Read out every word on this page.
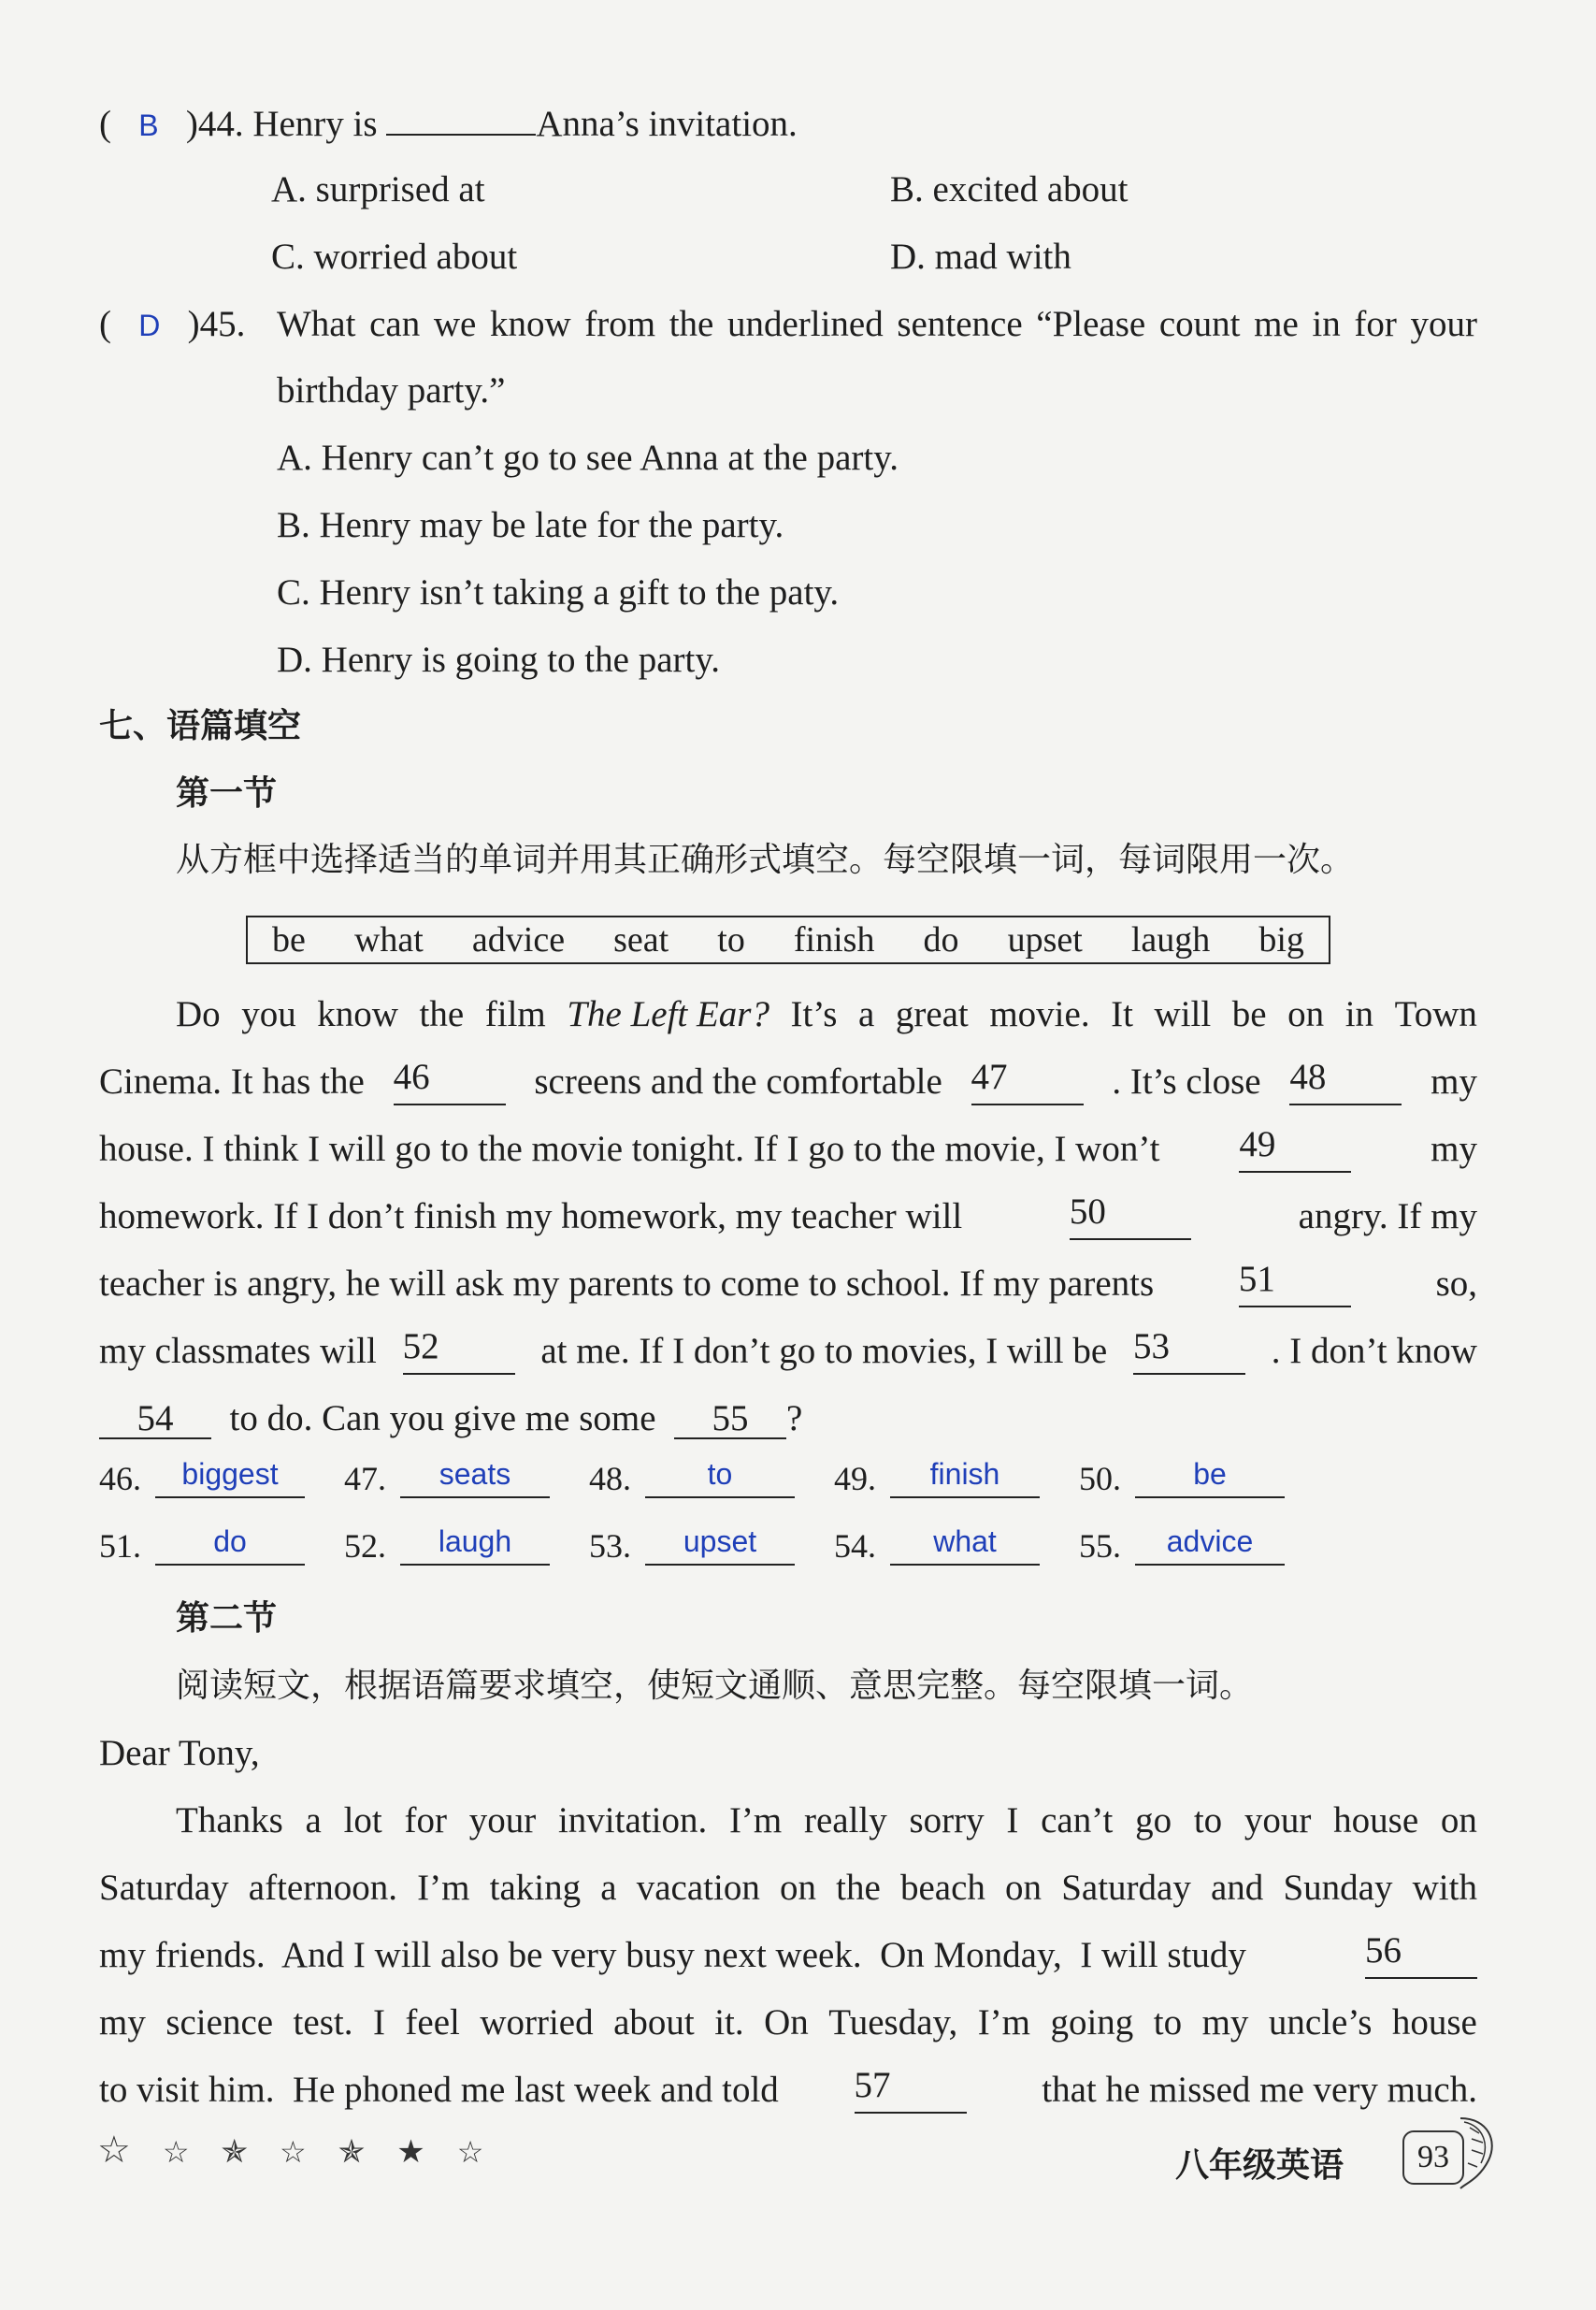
( B )44. Henry is	Anna’s invitation.
A. surprised at	B. excited about
C. worried about	D. mad with
( D )45. What can we know from the underlined sentence “Please count me in for your
birthday party.”
A. Henry can’t go to see Anna at the party.
B. Henry may be late for the party.
C. Henry isn’t taking a gift to the paty.
D. Henry is going to the party.
七、语篇填空
第一节
从方框中选择适当的单词并用其正确形式填空。每空限填一词，每词限用一次。
be what advice seat to finish do upset laugh big
Do you know the film The Left Ear? It’s a great movie. It will be on in Town
Cinema. It has the 46	screens and the comfortable 47	. It’s close 48	my
house. I think I will go to the movie tonight. If I go to the movie, I won’t 49	my
homework. If I don’t finish my homework, my teacher will	50	angry. If my
teacher is angry, he will ask my parents to come to school. If my parents 51	so,
my classmates will 52	at me. If I don’t go to movies, I will be 53	. I don’t know
54 to do. Can you give me some 55 ?
46.	biggest	47.	seats	48.	to	49.	finish	50.	be
51.	do	52.	laugh	53.	upset	54.	what	55.	advice
第二节
阅读短文，根据语篇要求填空，使短文通顺、意思完整。每空限填一词。
Dear Tony,
Thanks a lot for your invitation. I’m really sorry I can’t go to your house on
Saturday afternoon. I’m taking a vacation on the beach on Saturday and Sunday with
my friends.  And I will also be very busy next week.  On Monday,  I will study	56
my science test. I feel worried about it. On Tuesday, I’m going to my uncle’s house
to visit him.  He phoned me last week and told 57	that he missed me very much.
☆ ☆ ✯ ☆ ✯ ★ ☆	八年级英语	93
